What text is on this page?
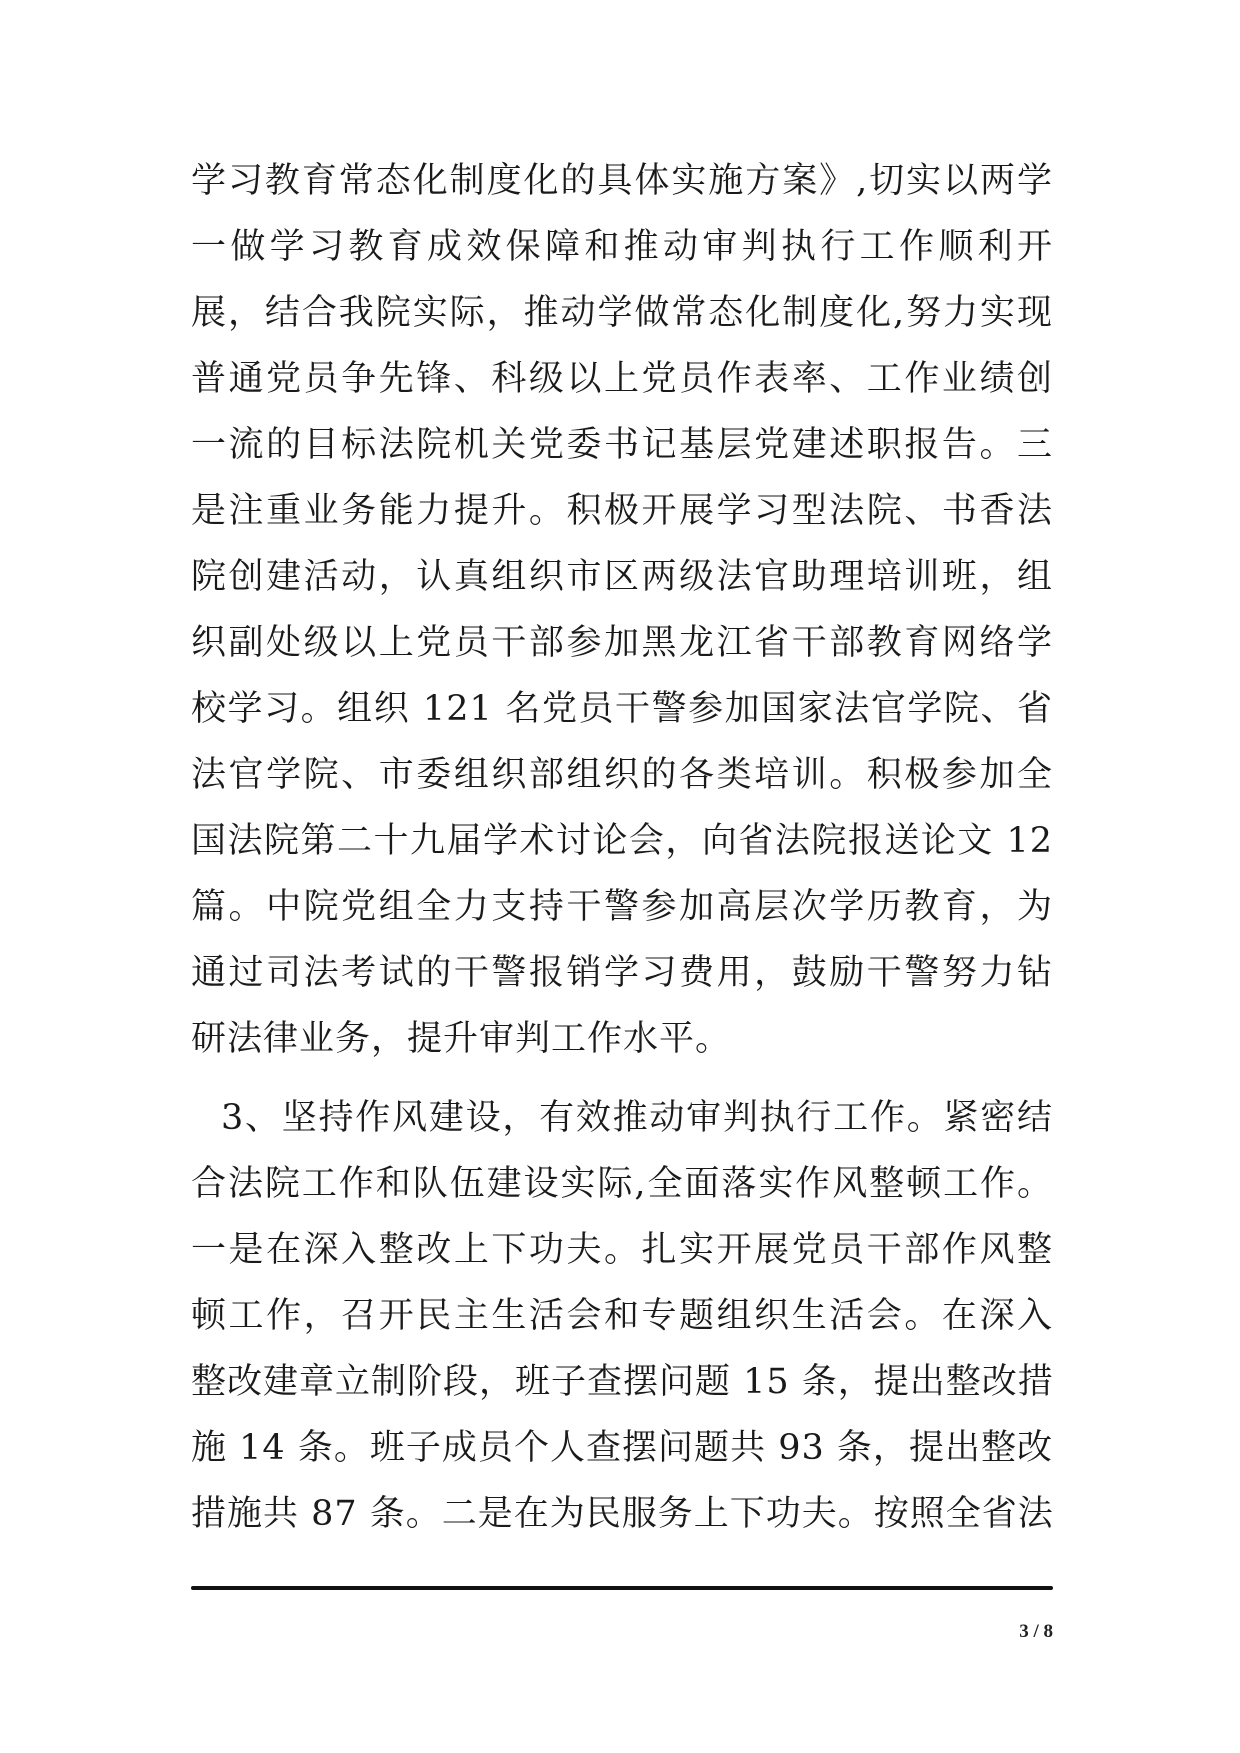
学习教育常态化制度化的具体实施方案》,切实以两学
一做学习教育成效保障和推动审判执行工作顺利开
展，结合我院实际，推动学做常态化制度化,努力实现
普通党员争先锋、科级以上党员作表率、工作业绩创
一流的目标法院机关党委书记基层党建述职报告。三
是注重业务能力提升。积极开展学习型法院、书香法
院创建活动，认真组织市区两级法官助理培训班，组
织副处级以上党员干部参加黑龙江省干部教育网络学
校学习。组织 121 名党员干警参加国家法官学院、省
法官学院、市委组织部组织的各类培训。积极参加全
国法院第二十九届学术讨论会，向省法院报送论文 12
篇。中院党组全力支持干警参加高层次学历教育，为
通过司法考试的干警报销学习费用，鼓励干警努力钻
研法律业务，提升审判工作水平。
3、坚持作风建设，有效推动审判执行工作。紧密结
合法院工作和队伍建设实际,全面落实作风整顿工作。
一是在深入整改上下功夫。扎实开展党员干部作风整
顿工作，召开民主生活会和专题组织生活会。在深入
整改建章立制阶段，班子查摆问题 15 条，提出整改措
施 14 条。班子成员个人查摆问题共 93 条，提出整改
措施共 87 条。二是在为民服务上下功夫。按照全省法
3 / 8
